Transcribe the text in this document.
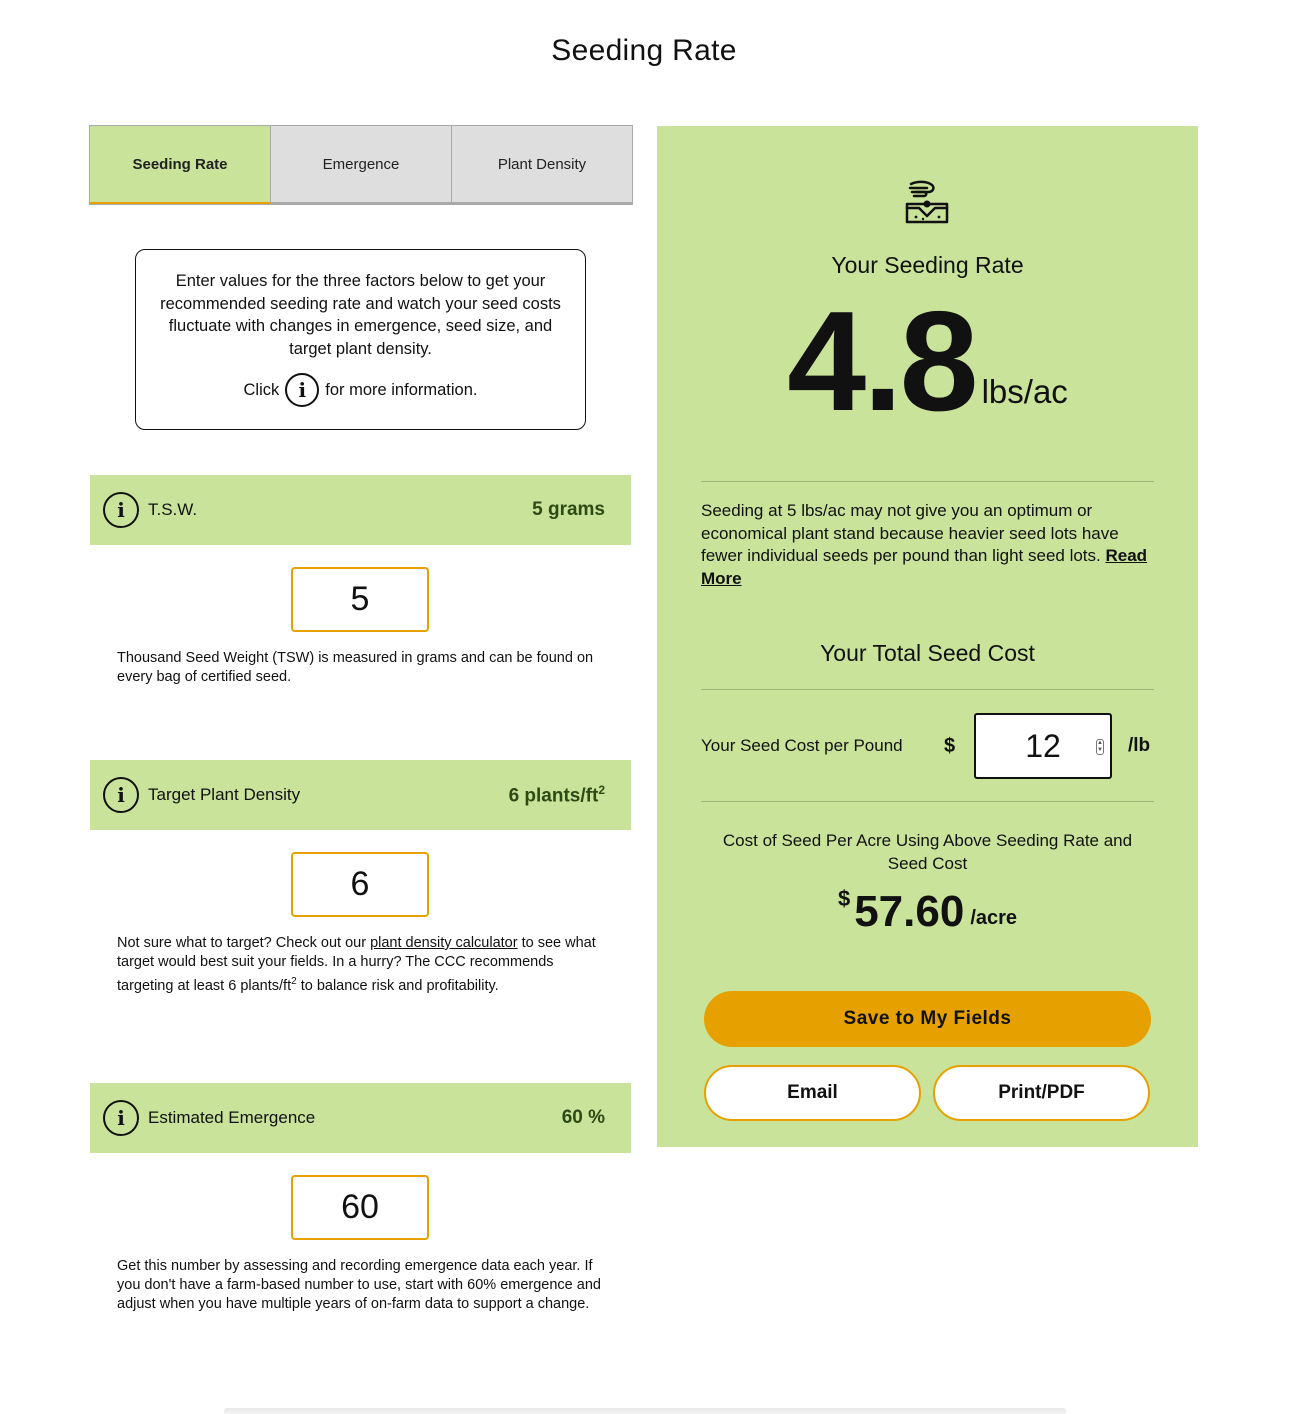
Seeding Rate
Seeding Rate	Emergence	Plant Density

Enter values for the three factors below to get your recommended seeding rate and watch your seed costs fluctuate with changes in emergence, seed size, and target plant density.

Click i	for more information.
i	T.S.W.	5 grams
5

Thousand Seed Weight (TSW) is measured in grams and can be found on every bag of certified seed.

i	Target Plant Density	6 plants/$ft^2$
6

Not sure what to target? Check out our plant density calculator to see what target would best suit your fields. In a hurry? The CCC recommends targeting at least 6 plants/$ft^2$ to balance risk and profitability.

i	Estimated Emergence	60 %
60

Get this number by assessing and recording emergence data each year. If you don't have a farm-based number to use, start with 60% emergence and adjust when you have multiple years of on-farm data to support a change.

Your Seeding Rate
4.8 lbs/ac

Seeding at 5 lbs/ac may not give you an optimum or economical plant stand because heavier seed lots have fewer individual seeds per pound than light seed lots. Read More

Your Total Seed Cost
Your Seed Cost per Pound	$
12	▲
▼ /lb

Cost of Seed Per Acre Using Above Seeding Rate and Seed Cost

$ 57.60 /acre
Save to My Fields
Email	Print/PDF
